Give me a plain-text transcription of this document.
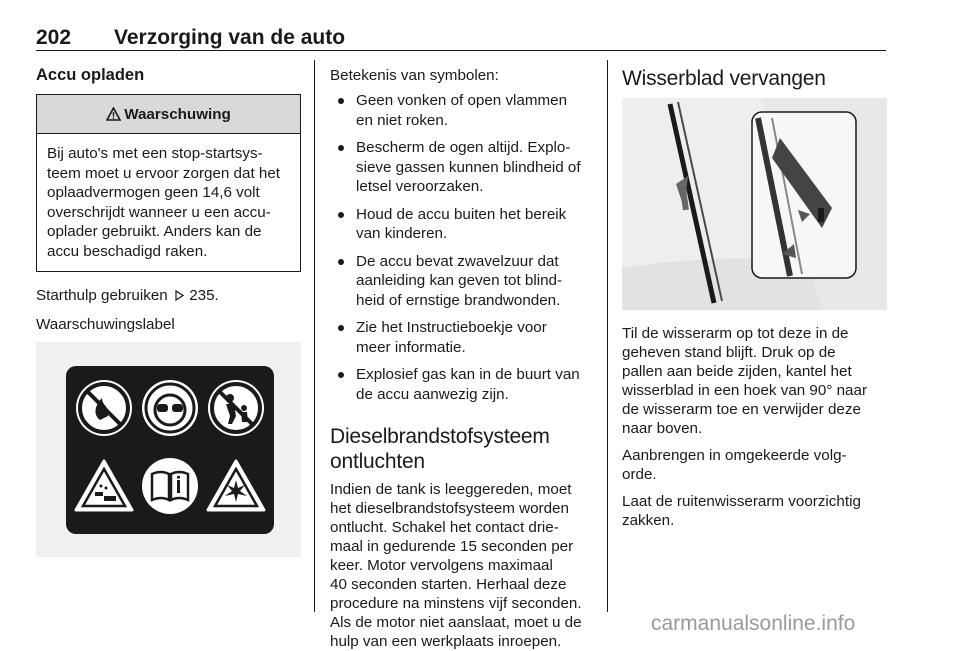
202 Verzorging van de auto
Accu opladen
Waarschuwing
Bij auto's met een stop-startsys-
teem moet u ervoor zorgen dat het
oplaadvermogen geen 14,6 volt
overschrijdt wanneer u een accu-
oplader gebruikt. Anders kan de
accu beschadigd raken.

Starthulp gebruiken 235.

Waarschuwingslabel

Betekenis van symbolen:

Geen vonken of open vlammen
en niet roken.
Bescherm de ogen altijd. Explo-
sieve gassen kunnen blindheid of
letsel veroorzaken.
Houd de accu buiten het bereik
van kinderen.
De accu bevat zwavelzuur dat
aanleiding kan geven tot blind-
heid of ernstige brandwonden.
Zie het Instructieboekje voor
meer informatie.
Explosief gas kan in de buurt van
de accu aanwezig zijn.
Dieselbrandstofsysteem
ontluchten
Indien de tank is leeggereden, moet
het dieselbrandstofsysteem worden
ontlucht. Schakel het contact drie-
maal in gedurende 15 seconden per
keer. Motor vervolgens maximaal
40 seconden starten. Herhaal deze
procedure na minstens vijf seconden.
Als de motor niet aanslaat, moet u de
hulp van een werkplaats inroepen.
Wisserblad vervangen
Til de wisserarm op tot deze in de
geheven stand blijft. Druk op de
pallen aan beide zijden, kantel het
wisserblad in een hoek van 90° naar
de wisserarm toe en verwijder deze
naar boven.
Aanbrengen in omgekeerde volg-
orde.
Laat de ruitenwisserarm voorzichtig
zakken.
carmanualsonline.info
